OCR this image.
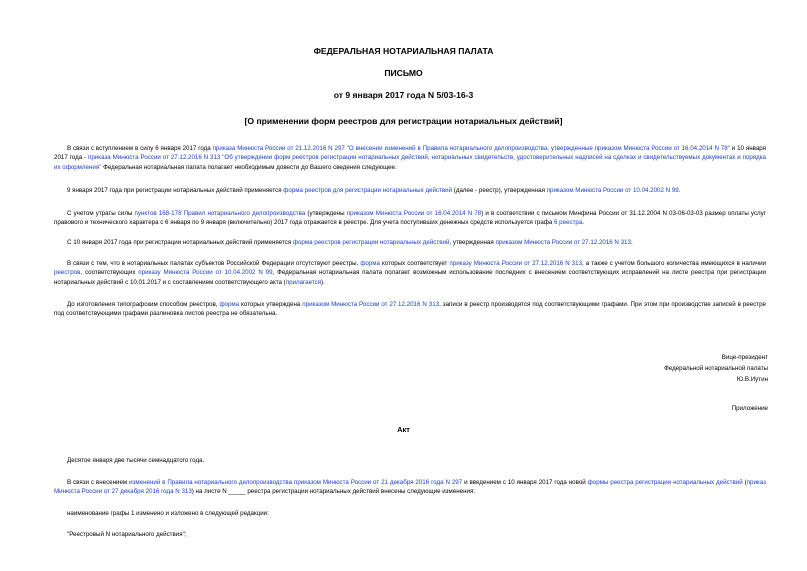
ФЕДЕРАЛЬНАЯ НОТАРИАЛЬНАЯ ПАЛАТА
ПИСЬМО
от 9 января 2017 года N 5/03-16-3
[О применении форм реестров для регистрации нотариальных действий]
В связи с вступлением в силу 6 января 2017 года приказа Минюста России от 21.12.2016 N 297 "О внесении изменений в Правила нотариального делопроизводства, утвержденные приказом Минюста России от 16.04.2014 N 78" и 10 января 2017 года - приказа Минюста России от 27.12.2016 N 313 "Об утверждении форм реестров регистрации нотариальных действий, нотариальных свидетельств, удостоверительных надписей на сделках и свидетельствуемых документах и порядка их оформления" Федеральная нотариальная палата полагает необходимым довести до Вашего сведения следующее.
9 января 2017 года при регистрации нотариальных действий применяется форма реестров для регистрации нотариальных действий (далее - реестр), утвержденная приказом Минюста России от 10.04.2002 N 99.
С учетом утраты силы пунктов 168-178 Правил нотариального делопроизводства (утверждены приказом Минюста России от 16.04.2014 N 78) и в соответствии с письмом Минфина России от 31.12.2004 N 03-06-03-03 размер оплаты услуг правового и технического характера с 6 января по 9 января (включительно) 2017 года отражается в реестре. Для учета поступивших денежных средств используется графа 6 реестра.
С 10 января 2017 года при регистрации нотариальных действий применяется форма реестров регистрации нотариальных действий, утвержденная приказом Минюста России от 27.12.2016 N 313.
В связи с тем, что в нотариальных палатах субъектов Российской Федерации отсутствуют реестры, форма которых соответствует приказу Минюста России от 27.12.2016 N 313, а также с учетом большого количества имеющихся в наличии реестров, соответствующих приказу Минюста России от 10.04.2002 N 99, Федеральная нотариальная палата полагает возможным использование последних с внесением соответствующих исправлений на листе реестра при регистрации нотариальных действий с 10.01.2017 и с составлением соответствующего акта (прилагается).
До изготовления типографским способом реестров, форма которых утверждена приказом Минюста России от 27.12.2016 N 313, записи в реестр производятся под соответствующими графами. При этом при производстве записей в реестре под соответствующими графами разлиновка листов реестра не обязательна.
Вице-президент
Федеральной нотариальной палаты
Ю.В.Иутин
Приложение
Акт
Десятое января две тысячи семнадцатого года.
В связи с внесением изменений в Правила нотариального делопроизводства приказом Минюста России от 21 декабря 2016 года N 297 и введением с 10 января 2017 года новой формы реестра регистрации нотариальных действий (приказ Минюста России от 27 декабря 2016 года N 313) на листе N _____ реестра регистрации нотариальных действий внесены следующие изменения:
наименование графы 1 изменено и изложено в следующей редакции:
"Реестровый N нотариального действия";
